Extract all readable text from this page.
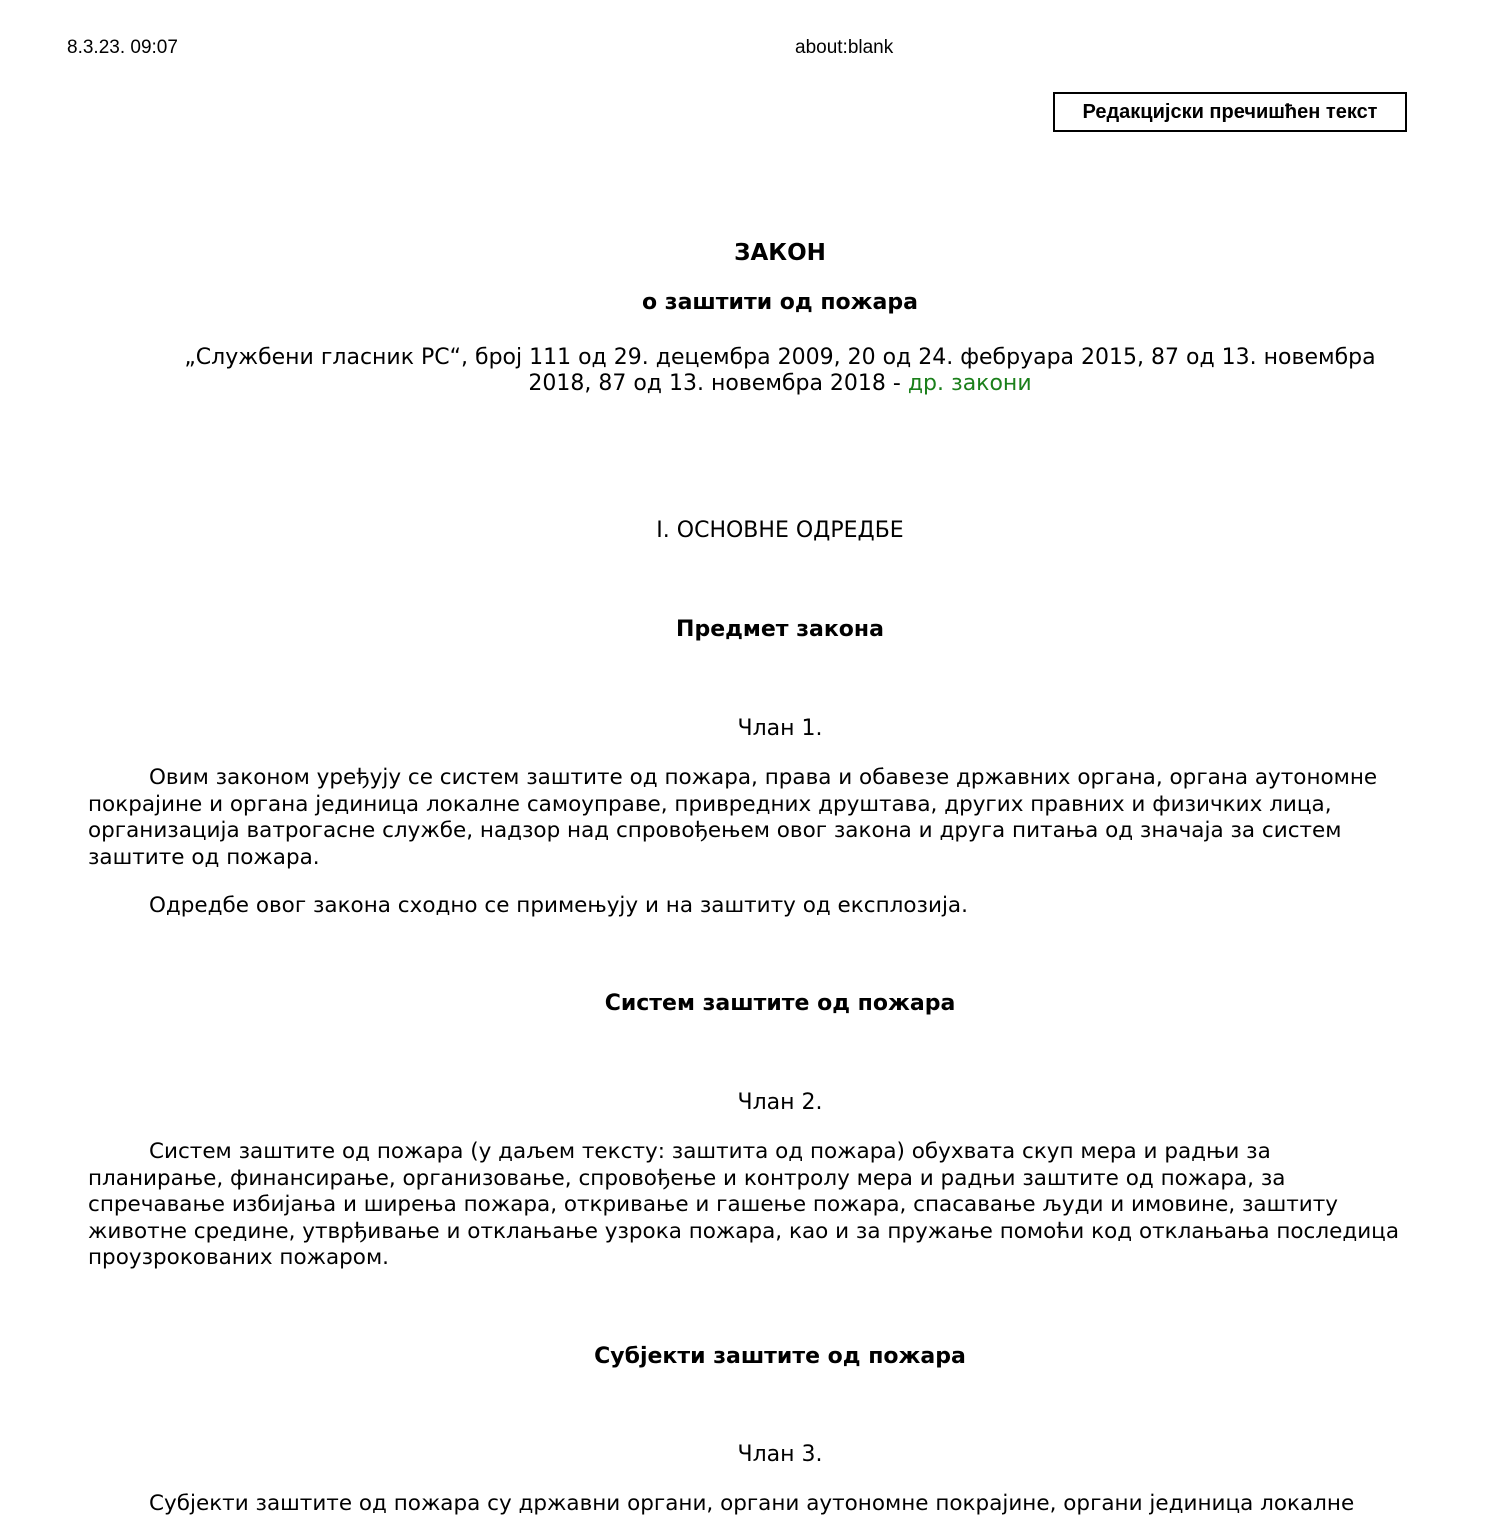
8.3.23. 09:07	about:blank
Редакцијски пречишћен текст
ЗАКОН
о заштити од пожара
„Службени гласник РС“, број 111 од 29. децембра 2009, 20 од 24. фебруара 2015, 87 од 13. новембра 2018, 87 од 13. новембра 2018 - др. закони
I. ОСНОВНЕ ОДРЕДБЕ
Предмет закона
Члан 1.
Овим законом уређују се систем заштите од пожара, права и обавезе државних органа, органа аутономне покрајине и органа јединица локалне самоуправе, привредних друштава, других правних и физичких лица, организација ватрогасне службе, надзор над спровођењем овог закона и друга питања од значаја за систем заштите од пожара.
Одредбе овог закона сходно се примењују и на заштиту од експлозија.
Систем заштите од пожара
Члан 2.
Систем заштите од пожара (у даљем тексту: заштита од пожара) обухвата скуп мера и радњи за планирање, финансирање, организовање, спровођење и контролу мера и радњи заштите од пожара, за спречавање избијања и ширења пожара, откривање и гашење пожара, спасавање људи и имовине, заштиту животне средине, утврђивање и отклањање узрока пожара, као и за пружање помоћи код отклањања последица проузрокованих пожаром.
Субјекти заштите од пожара
Члан 3.
Субјекти заштите од пожара су државни органи, органи аутономне покрајине, органи јединица локалне
